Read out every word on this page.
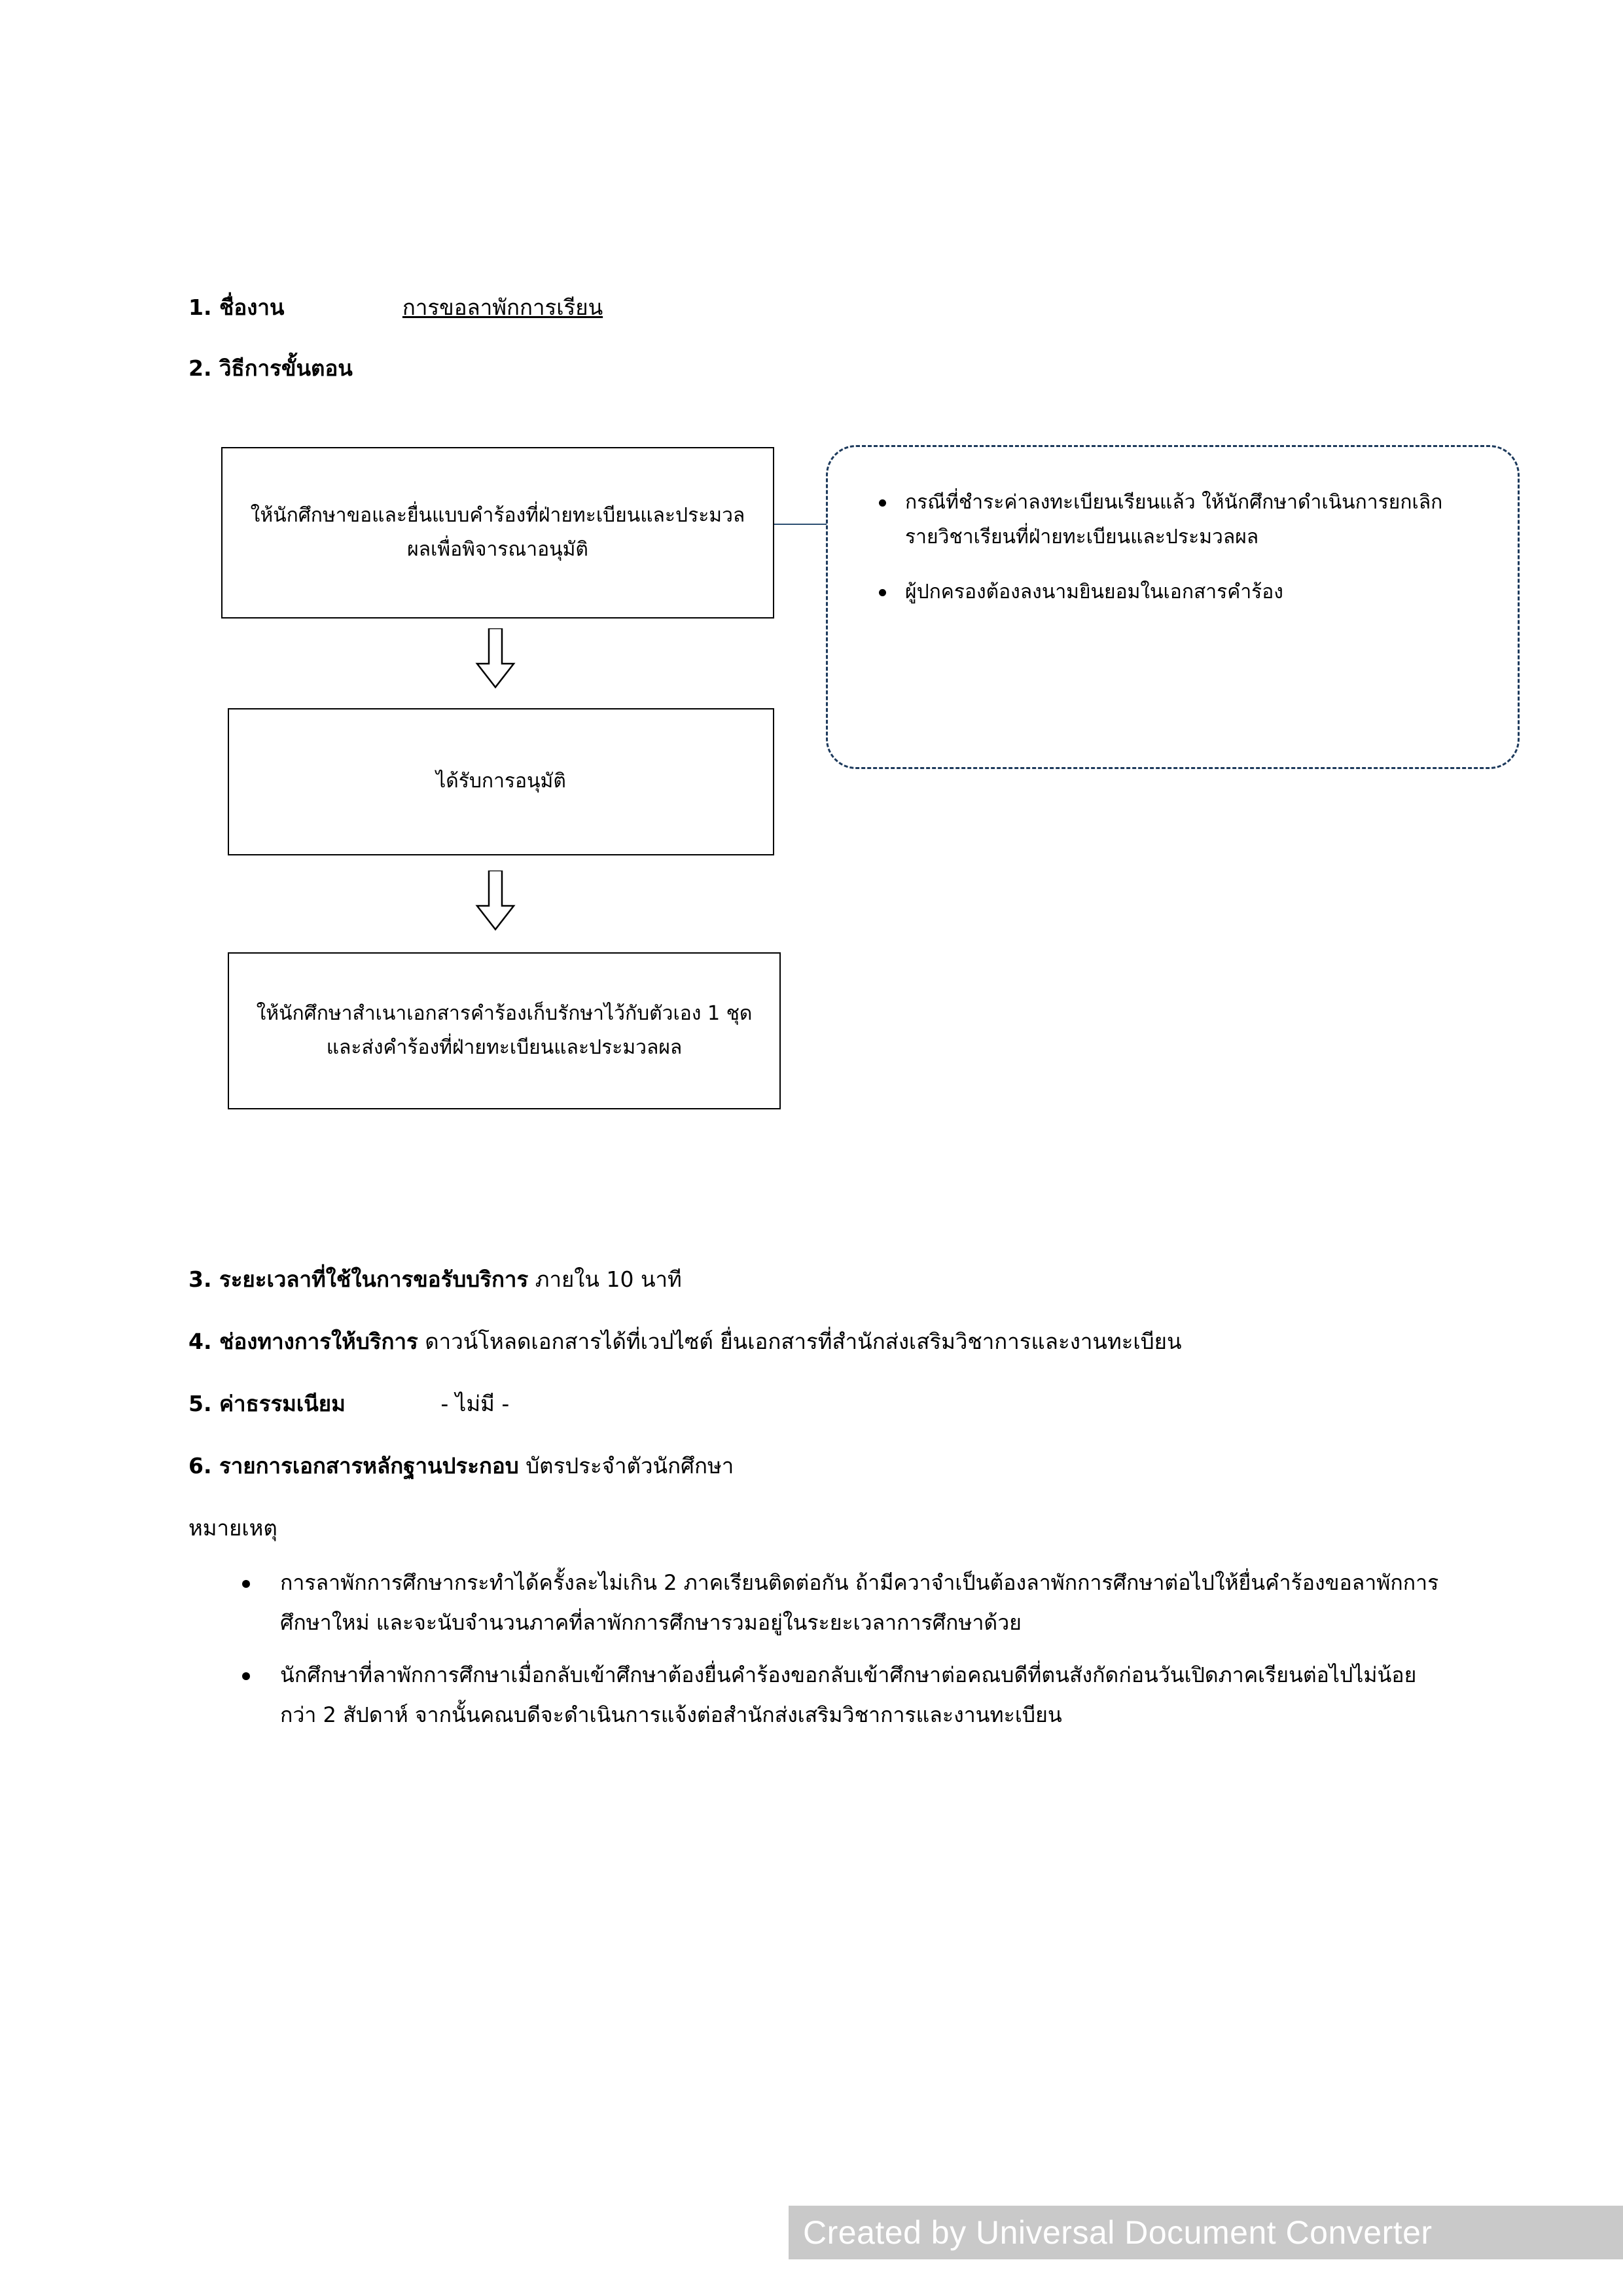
1. ชื่องาน	การขอลาพักการเรียน
2. วิธีการขั้นตอน
ให้นักศึกษาขอและยื่นแบบคำร้องที่ฝ่ายทะเบียนและประมวลผลเพื่อพิจารณาอนุมัติ
ได้รับการอนุมัติ
ให้นักศึกษาสำเนาเอกสารคำร้องเก็บรักษาไว้กับตัวเอง 1 ชุด และส่งคำร้องที่ฝ่ายทะเบียนและประมวลผล
กรณีที่ชำระค่าลงทะเบียนเรียนแล้ว ให้นักศึกษาดำเนินการยกเลิกรายวิชาเรียนที่ฝ่ายทะเบียนและประมวลผล
ผู้ปกครองต้องลงนามยินยอมในเอกสารคำร้อง
3. ระยะเวลาที่ใช้ในการขอรับบริการ ภายใน 10 นาที
4. ช่องทางการให้บริการ ดาวน์โหลดเอกสารได้ที่เวปไซต์ ยื่นเอกสารที่สำนักส่งเสริมวิชาการและงานทะเบียน
5. ค่าธรรมเนียม	- ไม่มี -
6. รายการเอกสารหลักฐานประกอบ บัตรประจำตัวนักศึกษา
หมายเหตุ
การลาพักการศึกษากระทำได้ครั้งละไม่เกิน 2 ภาคเรียนติดต่อกัน ถ้ามีควาจำเป็นต้องลาพักการศึกษาต่อไปให้ยื่นคำร้องขอลาพักการศึกษาใหม่ และจะนับจำนวนภาคที่ลาพักการศึกษารวมอยู่ในระยะเวลาการศึกษาด้วย
นักศึกษาที่ลาพักการศึกษาเมื่อกลับเข้าศึกษาต้องยื่นคำร้องขอกลับเข้าศึกษาต่อคณบดีที่ตนสังกัดก่อนวันเปิดภาคเรียนต่อไปไม่น้อยกว่า 2 สัปดาห์ จากนั้นคณบดีจะดำเนินการแจ้งต่อสำนักส่งเสริมวิชาการและงานทะเบียน
Created by Universal Document Converter
